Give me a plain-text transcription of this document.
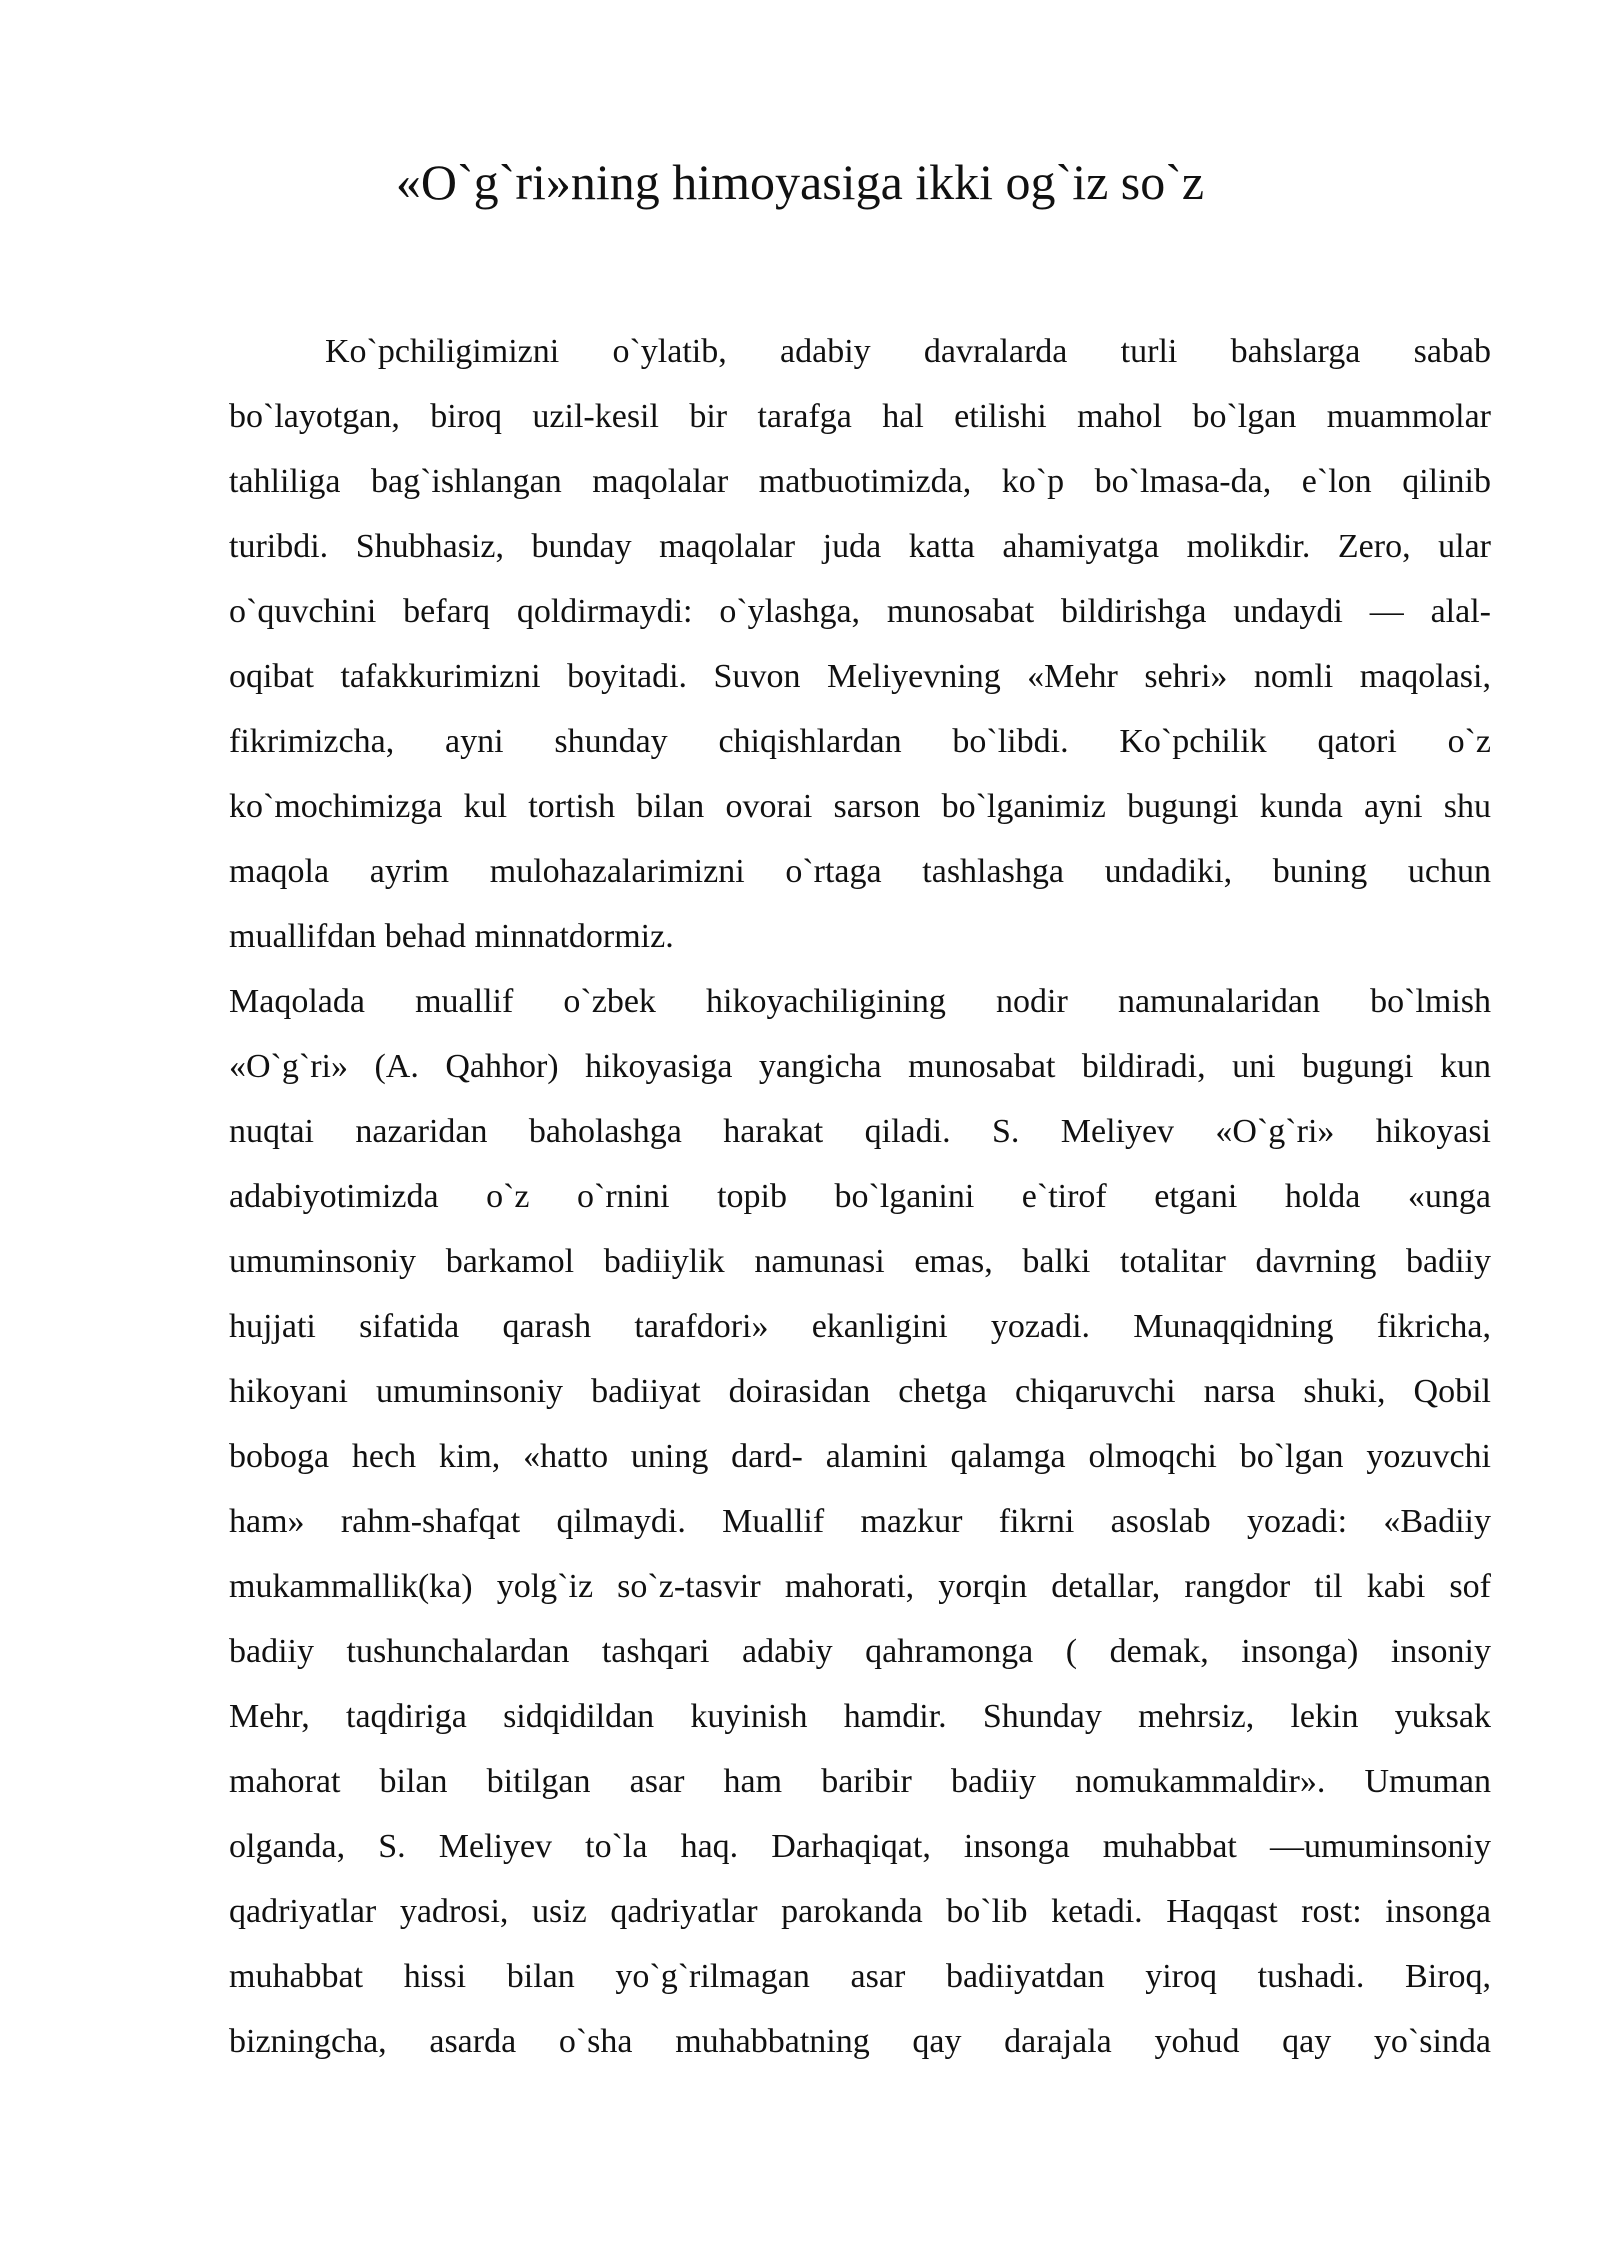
«O`g`ri»ning himoyasiga ikki og`iz so`z
Ko`pchiligimizni o`ylatib, adabiy davralarda turli bahslarga sabab
bo`layotgan, biroq uzil-kesil bir tarafga hal etilishi mahol bo`lgan muammolar
tahliliga bag`ishlangan maqolalar matbuotimizda, ko`p bo`lmasa-da, e`lon qilinib
turibdi. Shubhasiz, bunday maqolalar juda katta ahamiyatga molikdir. Zero, ular
o`quvchini befarq qoldirmaydi: o`ylashga, munosabat bildirishga undaydi — alal-
oqibat tafakkurimizni boyitadi. Suvon Meliyevning «Mehr sehri» nomli maqolasi,
fikrimizcha, ayni shunday chiqishlardan bo`libdi. Ko`pchilik qatori o`z
ko`mochimizga kul tortish bilan ovorai sarson bo`lganimiz bugungi kunda ayni shu
maqola ayrim mulohazalarimizni o`rtaga tashlashga undadiki, buning uchun
muallifdan behad minnatdormiz.
Maqolada muallif o`zbek hikoyachiligining nodir namunalaridan bo`lmish
«O`g`ri» (A. Qahhor) hikoyasiga yangicha munosabat bildiradi, uni bugungi kun
nuqtai nazaridan baholashga harakat qiladi. S. Meliyev «O`g`ri» hikoyasi
adabiyotimizda o`z o`rnini topib bo`lganini e`tirof etgani holda «unga
umuminsoniy barkamol badiiylik namunasi emas, balki totalitar davrning badiiy
hujjati sifatida qarash tarafdori» ekanligini yozadi. Munaqqidning fikricha,
hikoyani umuminsoniy badiiyat doirasidan chetga chiqaruvchi narsa shuki, Qobil
boboga hech kim, «hatto uning dard- alamini qalamga olmoqchi bo`lgan yozuvchi
ham» rahm-shafqat qilmaydi. Muallif mazkur fikrni asoslab yozadi: «Badiiy
mukammallik(ka) yolg`iz so`z-tasvir mahorati, yorqin detallar, rangdor til kabi sof
badiiy tushunchalardan tashqari adabiy qahramonga ( demak, insonga) insoniy
Mehr, taqdiriga sidqidildan kuyinish hamdir. Shunday mehrsiz, lekin yuksak
mahorat bilan bitilgan asar ham baribir badiiy nomukammaldir». Umuman
olganda, S. Meliyev to`la haq. Darhaqiqat, insonga muhabbat —umuminsoniy
qadriyatlar yadrosi, usiz qadriyatlar parokanda bo`lib ketadi. Haqqast rost: insonga
muhabbat hissi bilan yo`g`rilmagan asar badiiyatdan yiroq tushadi. Biroq,
bizningcha, asarda o`sha muhabbatning qay darajala yohud qay yo`sinda
